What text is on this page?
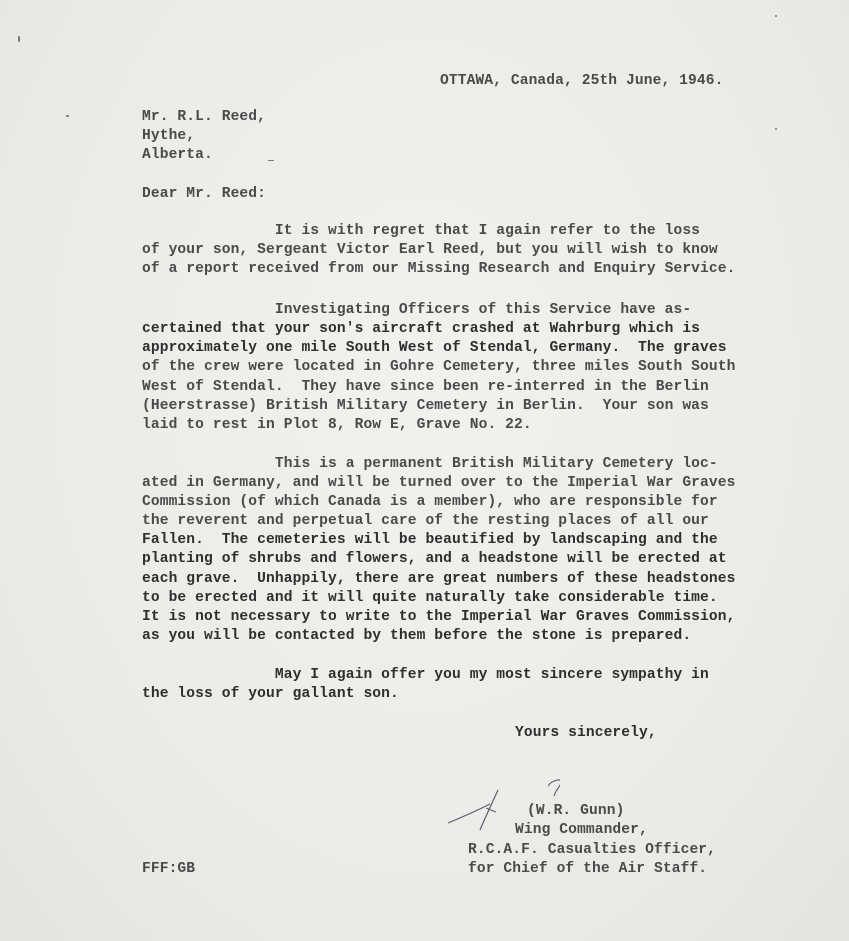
OTTAWA, Canada, 25th June, 1946.
Mr. R.L. Reed,
Hythe,
Alberta.
Dear Mr. Reed:
It is with regret that I again refer to the loss
of your son, Sergeant Victor Earl Reed, but you will wish to know
of a report received from our Missing Research and Enquiry Service.
Investigating Officers of this Service have as-
certained that your son's aircraft crashed at Wahrburg which is
approximately one mile South West of Stendal, Germany.  The graves
of the crew were located in Gohre Cemetery, three miles South South
West of Stendal.  They have since been re-interred in the Berlin
(Heerstrasse) British Military Cemetery in Berlin.  Your son was
laid to rest in Plot 8, Row E, Grave No. 22.
This is a permanent British Military Cemetery loc-
ated in Germany, and will be turned over to the Imperial War Graves
Commission (of which Canada is a member), who are responsible for
the reverent and perpetual care of the resting places of all our
Fallen.  The cemeteries will be beautified by landscaping and the
planting of shrubs and flowers, and a headstone will be erected at
each grave.  Unhappily, there are great numbers of these headstones
to be erected and it will quite naturally take considerable time.
It is not necessary to write to the Imperial War Graves Commission,
as you will be contacted by them before the stone is prepared.
May I again offer you my most sincere sympathy in
the loss of your gallant son.
Yours sincerely,
(W.R. Gunn)
Wing Commander,
R.C.A.F. Casualties Officer,
for Chief of the Air Staff.
FFF:GB
